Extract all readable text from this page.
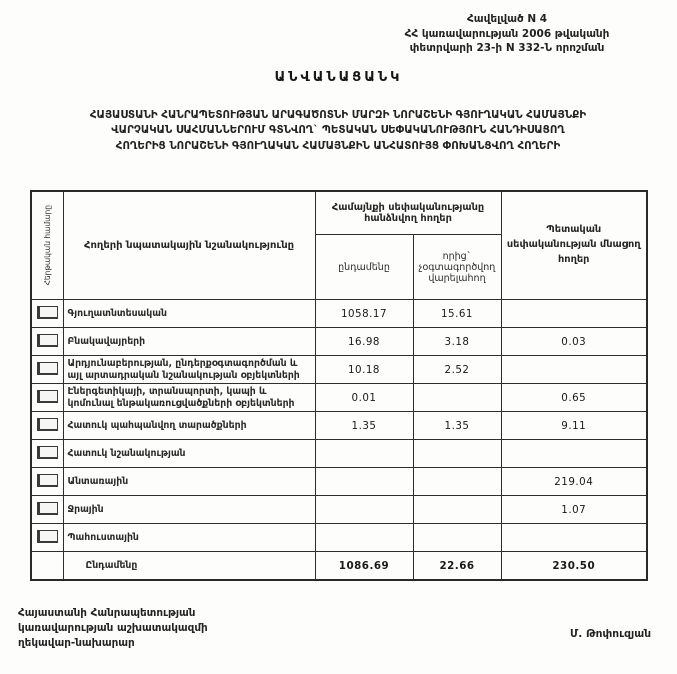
Հավելված N 4
ՀՀ կառավարության 2006 թվականի
փետրվարի 23-ի N 332-Ն որոշման
ԱՆՎԱՆԱՑԱՆԿ
ՀԱՅԱՍՏԱՆԻ ՀԱՆՐԱՊԵՏՈՒԹՅԱՆ ԱՐԱԳԱԾՈՏՆԻ ՄԱՐԶԻ ՆՈՐԱՇԵՆԻ ԳՅՈՒՂԱԿԱՆ ՀԱՄԱՅՆՔԻ
ՎԱՐՉԱԿԱՆ ՍԱՀՄԱՆՆԵՐՈՒՄ ԳՏՆՎՈՂ` ՊԵՏԱԿԱՆ ՍԵՓԱԿԱՆՈՒԹՅՈՒՆ ՀԱՆԴԻՍԱՑՈՂ
ՀՈՂԵՐԻՑ ՆՈՐԱՇԵՆԻ ԳՅՈՒՂԱԿԱՆ ՀԱՄԱՅՆՔԻՆ ԱՆՀԱՏՈՒՅՑ ՓՈԽԱՆՑՎՈՂ ՀՈՂԵՐԻ
Հերթական համարը	Հողերի նպատակային նշանակությունը	Համայնքի սեփականությանը հանձնվող հողեր		Պետական սեփականության մնացող հողեր
		ընդամենը	որից` չօգտագործվող վարելահող	
	Գյուղատնտեսական	1058.17	15.61	
	Բնակավայրերի	16.98	3.18	0.03
	Արդյունաբերության, ընդերքօգտագործման և այլ արտադրական նշանակության օբյեկտների	10.18	2.52	
	Էներգետիկայի, տրանսպորտի, կապի և կոմունալ ենթակառուցվածքների օբյեկտների	0.01		0.65
	Հատուկ պահպանվող տարածքների	1.35	1.35	9.11
	Հատուկ նշանակության			
	Անտառային			219.04
	Ջրային			1.07
	Պահուստային			
	Ընդամենը	1086.69	22.66	230.50
Հայաստանի Հանրապետության
կառավարության աշխատակազմի
ղեկավար-նախարար
Մ. Թոփուզյան
